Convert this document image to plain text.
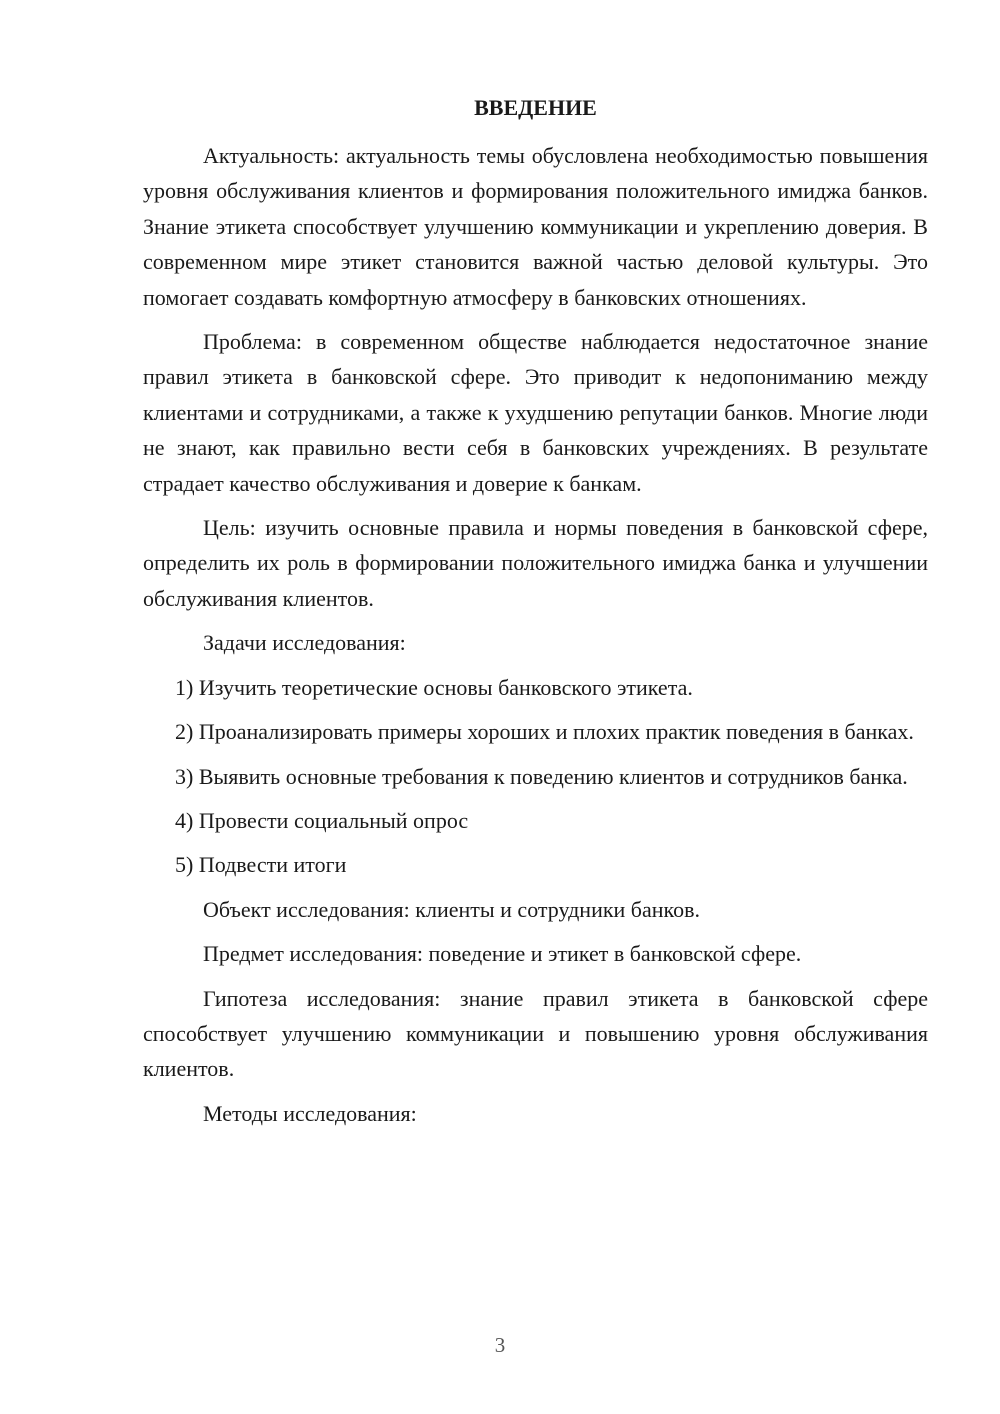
ВВЕДЕНИЕ

Актуальность: актуальность темы обусловлена необходимостью повышения уровня обслуживания клиентов и формирования положительного имиджа банков. Знание этикета способствует улучшению коммуникации и укреплению доверия. В современном мире этикет становится важной частью деловой культуры. Это помогает создавать комфортную атмосферу в банковских отношениях.

Проблема: в современном обществе наблюдается недостаточное знание правил этикета в банковской сфере. Это приводит к недопониманию между клиентами и сотрудниками, а также к ухудшению репутации банков. Многие люди не знают, как правильно вести себя в банковских учреждениях. В результате страдает качество обслуживания и доверие к банкам.

Цель: изучить основные правила и нормы поведения в банковской сфере, определить их роль в формировании положительного имиджа банка и улучшении обслуживания клиентов.

Задачи исследования:

1) Изучить теоретические основы банковского этикета.

2) Проанализировать примеры хороших и плохих практик поведения в банках.

3) Выявить основные требования к поведению клиентов и сотрудников банка.

4) Провести социальный опрос

5) Подвести итоги

Объект исследования: клиенты и сотрудники банков.

Предмет исследования: поведение и этикет в банковской сфере.

Гипотеза исследования: знание правил этикета в банковской сфере способствует улучшению коммуникации и повышению уровня обслуживания клиентов.

Методы исследования:

3
